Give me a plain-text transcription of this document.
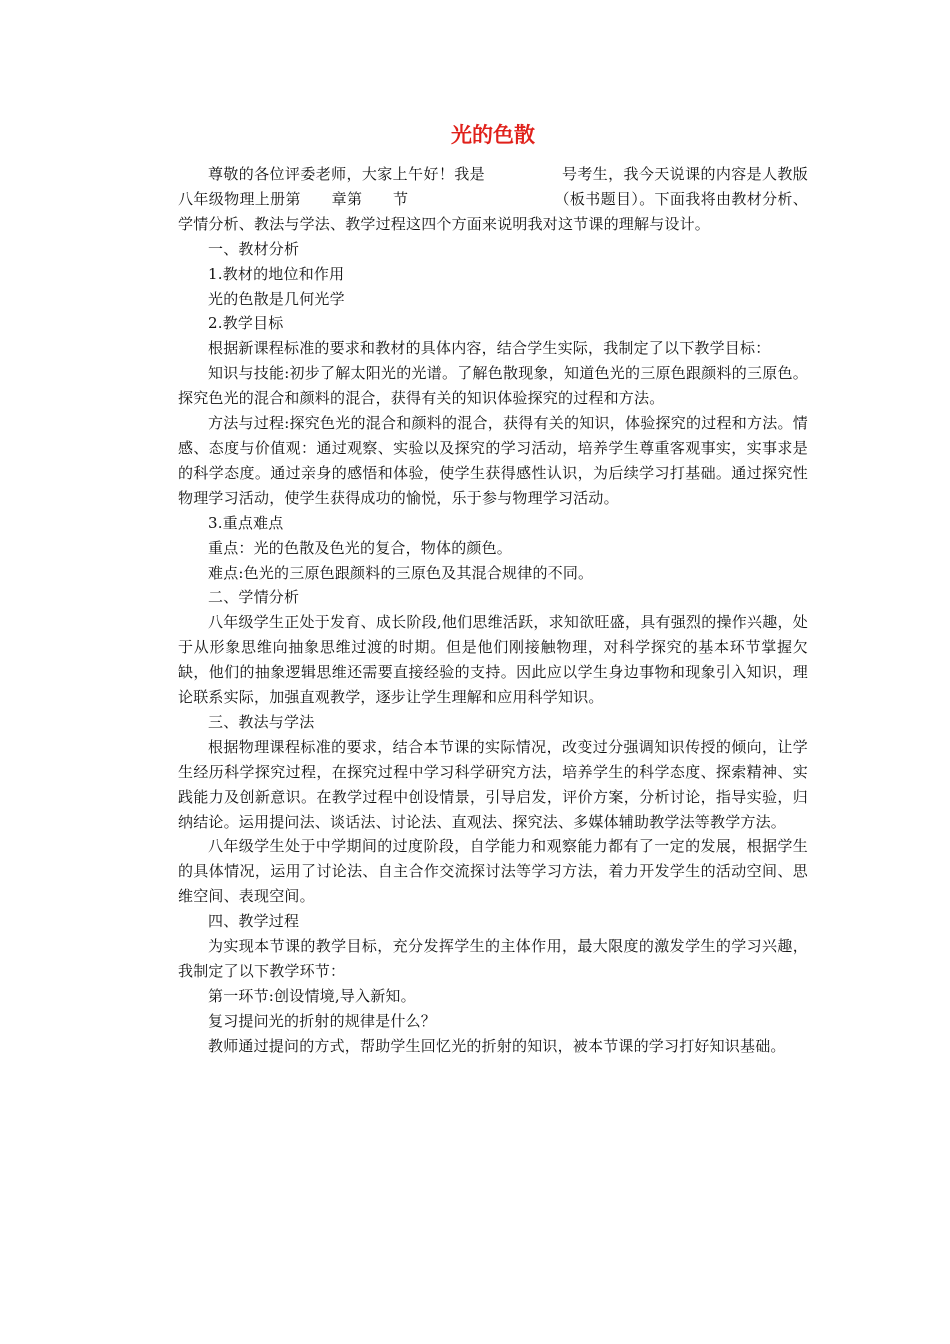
光的色散

尊敬的各位评委老师，大家上午好！我是　　　　　号考生，我今天说课的内容是人教版八年级物理上册第　　章第　　节　　　　　　　　　　（板书题目）。下面我将由教材分析、学情分析、教法与学法、教学过程这四个方面来说明我对这节课的理解与设计。

一、教材分析

1.教材的地位和作用

光的色散是几何光学

2.教学目标

根据新课程标准的要求和教材的具体内容，结合学生实际，我制定了以下教学目标：

知识与技能:初步了解太阳光的光谱。了解色散现象，知道色光的三原色跟颜料的三原色。探究色光的混合和颜料的混合，获得有关的知识体验探究的过程和方法。

方法与过程:探究色光的混合和颜料的混合，获得有关的知识，体验探究的过程和方法。情感、态度与价值观：通过观察、实验以及探究的学习活动，培养学生尊重客观事实，实事求是的科学态度。通过亲身的感悟和体验，使学生获得感性认识，为后续学习打基础。通过探究性物理学习活动，使学生获得成功的愉悦，乐于参与物理学习活动。

3.重点难点

重点：光的色散及色光的复合，物体的颜色。

难点:色光的三原色跟颜料的三原色及其混合规律的不同。

二、学情分析

八年级学生正处于发育、成长阶段,他们思维活跃，求知欲旺盛，具有强烈的操作兴趣，处于从形象思维向抽象思维过渡的时期。但是他们刚接触物理，对科学探究的基本环节掌握欠缺，他们的抽象逻辑思维还需要直接经验的支持。因此应以学生身边事物和现象引入知识，理论联系实际，加强直观教学，逐步让学生理解和应用科学知识。

三、教法与学法

根据物理课程标准的要求，结合本节课的实际情况，改变过分强调知识传授的倾向，让学生经历科学探究过程，在探究过程中学习科学研究方法，培养学生的科学态度、探索精神、实践能力及创新意识。在教学过程中创设情景，引导启发，评价方案，分析讨论，指导实验，归纳结论。运用提问法、谈话法、讨论法、直观法、探究法、多媒体辅助教学法等教学方法。

八年级学生处于中学期间的过度阶段，自学能力和观察能力都有了一定的发展，根据学生的具体情况，运用了讨论法、自主合作交流探讨法等学习方法，着力开发学生的活动空间、思维空间、表现空间。

四、教学过程

为实现本节课的教学目标，充分发挥学生的主体作用，最大限度的激发学生的学习兴趣，我制定了以下教学环节：

第一环节:创设情境,导入新知。

复习提问光的折射的规律是什么？

教师通过提问的方式，帮助学生回忆光的折射的知识，被本节课的学习打好知识基础。
